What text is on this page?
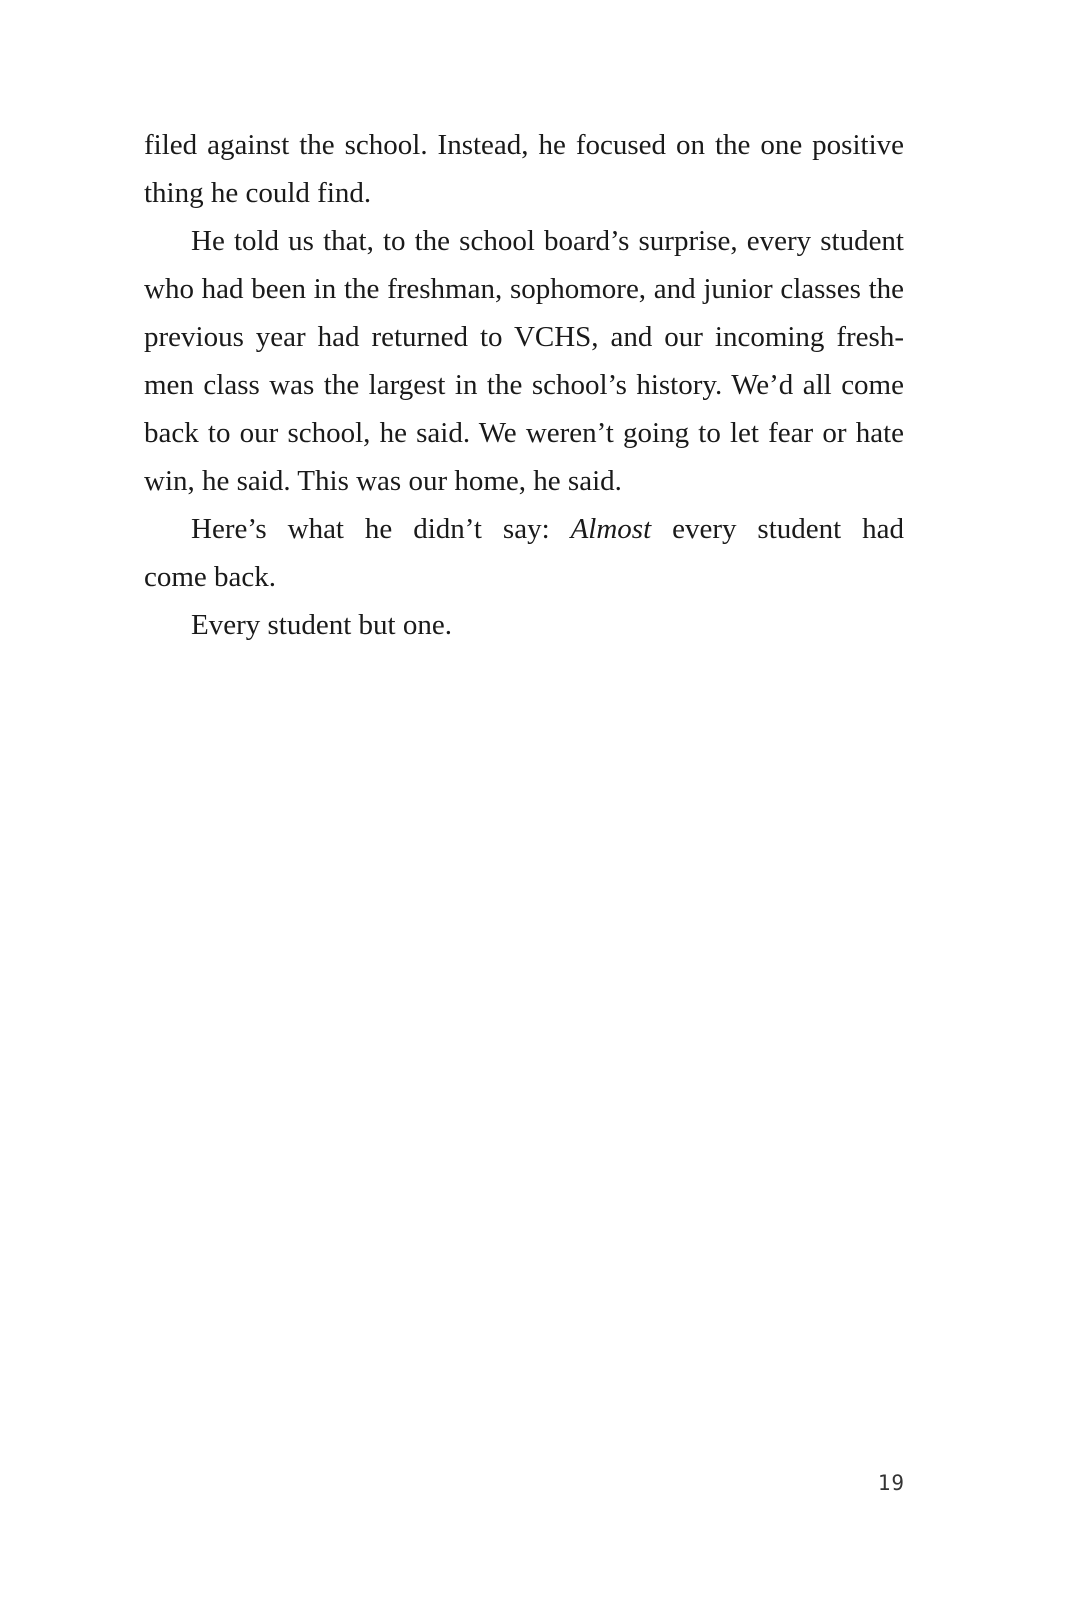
filed against the school. Instead, he focused on the one positive
thing he could find.

He told us that, to the school board’s surprise, every student
who had been in the freshman, sophomore, and junior classes the
previous year had returned to VCHS, and our incoming fresh-
men class was the largest in the school’s history. We’d all come
back to our school, he said. We weren’t going to let fear or hate
win, he said. This was our home, he said.

Here’s what he didn’t say: Almost every student had
come back.

Every student but one.

19
